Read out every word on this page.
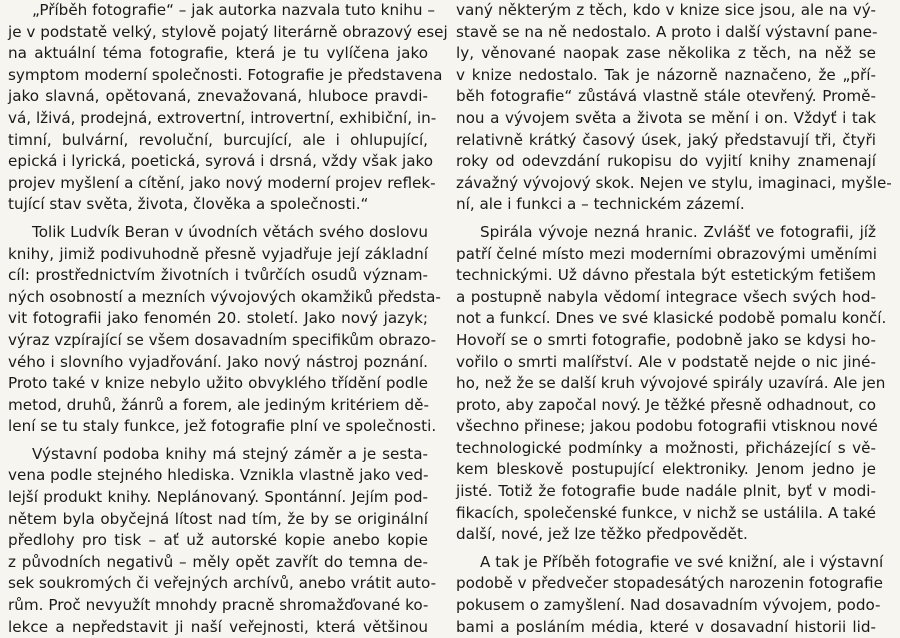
„Příběh fotografie“ – jak autorka nazvala tuto knihu –
je v podstatě velký, stylově pojatý literárně obrazový esej
na aktuální téma fotografie, která je tu vylíčena jako
symptom moderní společnosti. Fotografie je představena
jako slavná, opětovaná, znevažovaná, hluboce pravdi-
vá, lživá, prodejná, extrovertní, introvertní, exhibiční, in-
timní, bulvární, revoluční, burcující, ale i ohlupující,
epická i lyrická, poetická, syrová i drsná, vždy však jako
projev myšlení a cítění, jako nový moderní projev reflek-
tující stav světa, života, člověka a společnosti.“
Tolik Ludvík Beran v úvodních větách svého doslovu
knihy, jimiž podivuhodně přesně vyjadřuje její základní
cíl: prostřednictvím životních i tvůrčích osudů význam-
ných osobností a mezních vývojových okamžiků předsta-
vit fotografii jako fenomén 20. století. Jako nový jazyk;
výraz vzpírající se všem dosavadním specifikům obrazo-
vého i slovního vyjadřování. Jako nový nástroj poznání.
Proto také v knize nebylo užito obvyklého třídění podle
metod, druhů, žánrů a forem, ale jediným kritériem dě-
lení se tu staly funkce, jež fotografie plní ve společnosti.
Výstavní podoba knihy má stejný záměr a je sesta-
vena podle stejného hlediska. Vznikla vlastně jako ved-
lejší produkt knihy. Neplánovaný. Spontánní. Jejím pod-
nětem byla obyčejná lítost nad tím, že by se originální
předlohy pro tisk – ať už autorské kopie anebo kopie
z původních negativů – měly opět zavřít do temna de-
sek soukromých či veřejných archívů, anebo vrátit auto-
rům. Proč nevyužít mnohdy pracně shromažďované ko-
lekce a nepředstavit ji naší veřejnosti, která většinou
vaný některým z těch, kdo v knize sice jsou, ale na vý-
stavě se na ně nedostalo. A proto i další výstavní pane-
ly, věnované naopak zase několika z těch, na něž se
v knize nedostalo. Tak je názorně naznačeno, že „pří-
běh fotografie“ zůstává vlastně stále otevřený. Promě-
nou a vývojem světa a života se mění i on. Vždyť i tak
relativně krátký časový úsek, jaký představují tři, čtyři
roky od odevzdání rukopisu do vyjití knihy znamenají
závažný vývojový skok. Nejen ve stylu, imaginaci, myšle-
ní, ale i funkci a – technickém zázemí.
Spirála vývoje nezná hranic. Zvlášť ve fotografii, jíž
patří čelné místo mezi moderními obrazovými uměními
technickými. Už dávno přestala být estetickým fetišem
a postupně nabyla vědomí integrace všech svých hod-
not a funkcí. Dnes ve své klasické podobě pomalu končí.
Hovoří se o smrti fotografie, podobně jako se kdysi ho-
vořilo o smrti malířství. Ale v podstatě nejde o nic jiné-
ho, než že se další kruh vývojové spirály uzavírá. Ale jen
proto, aby započal nový. Je těžké přesně odhadnout, co
všechno přinese; jakou podobu fotografii vtisknou nové
technologické podmínky a možnosti, přicházející s vě-
kem bleskově postupující elektroniky. Jenom jedno je
jisté. Totiž že fotografie bude nadále plnit, byť v modi-
fikacích, společenské funkce, v nichž se ustálila. A také
další, nové, jež lze těžko předpovědět.
A tak je Příběh fotografie ve své knižní, ale i výstavní
podobě v předvečer stopadesátých narozenin fotografie
pokusem o zamyšlení. Nad dosavadním vývojem, podo-
bami a posláním média, které v dosavadní historii lid-
